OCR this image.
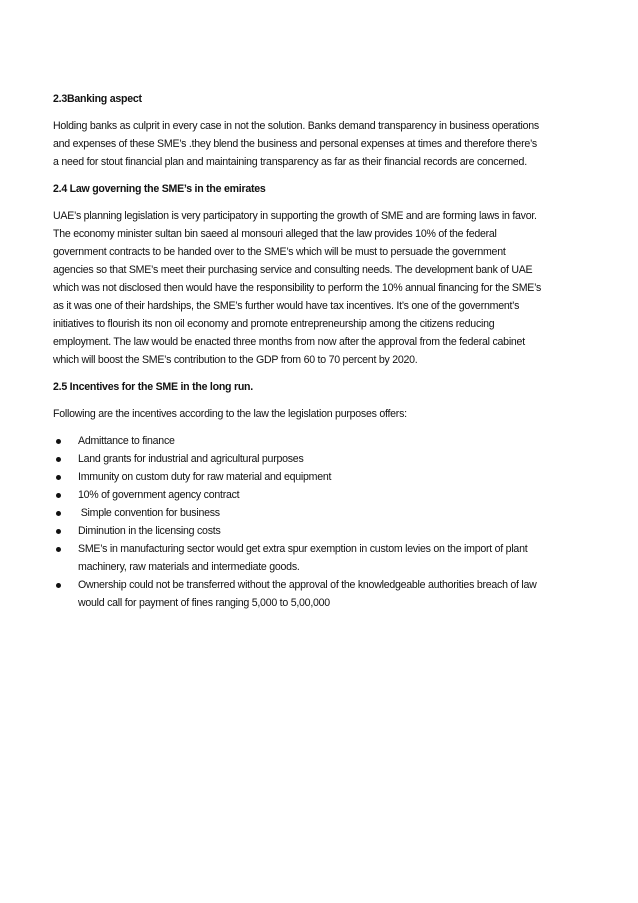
2.3Banking aspect

Holding banks as culprit in every case in not the solution. Banks demand transparency in business operations and expenses of these SME’s .they blend the business and personal expenses at times and therefore there’s a need for stout financial plan and maintaining transparency as far as their financial records are concerned.

2.4 Law governing the SME’s in the emirates

UAE’s planning legislation is very participatory in supporting the growth of SME and are forming laws in favor. The economy minister sultan bin saeed al monsouri alleged that the law provides 10% of the federal government contracts to be handed over to the SME’s which will be must to persuade the government agencies so that SME’s meet their purchasing service and consulting needs. The development bank of UAE which was not disclosed then would have the responsibility to perform the 10% annual financing for the SME’s as it was one of their hardships, the SME’s further would have tax incentives. It’s one of the government’s initiatives to flourish its non oil economy and promote entrepreneurship among the citizens reducing employment. The law would be enacted three months from now after the approval from the federal cabinet which will boost the SME’s contribution to the GDP from 60 to 70 percent by 2020.

2.5 Incentives for the SME in the long run.

Following are the incentives according to the law the legislation purposes offers:

Admittance to finance
Land grants for industrial and agricultural purposes
Immunity on custom duty for raw material and equipment
10% of government agency contract
Simple convention for business
Diminution in the licensing costs
SME’s in manufacturing sector would get extra spur exemption in custom levies on the import of plant machinery, raw materials and intermediate goods.
Ownership could not be transferred without the approval of the knowledgeable authorities breach of law would call for payment of fines ranging 5,000 to 5,00,000
